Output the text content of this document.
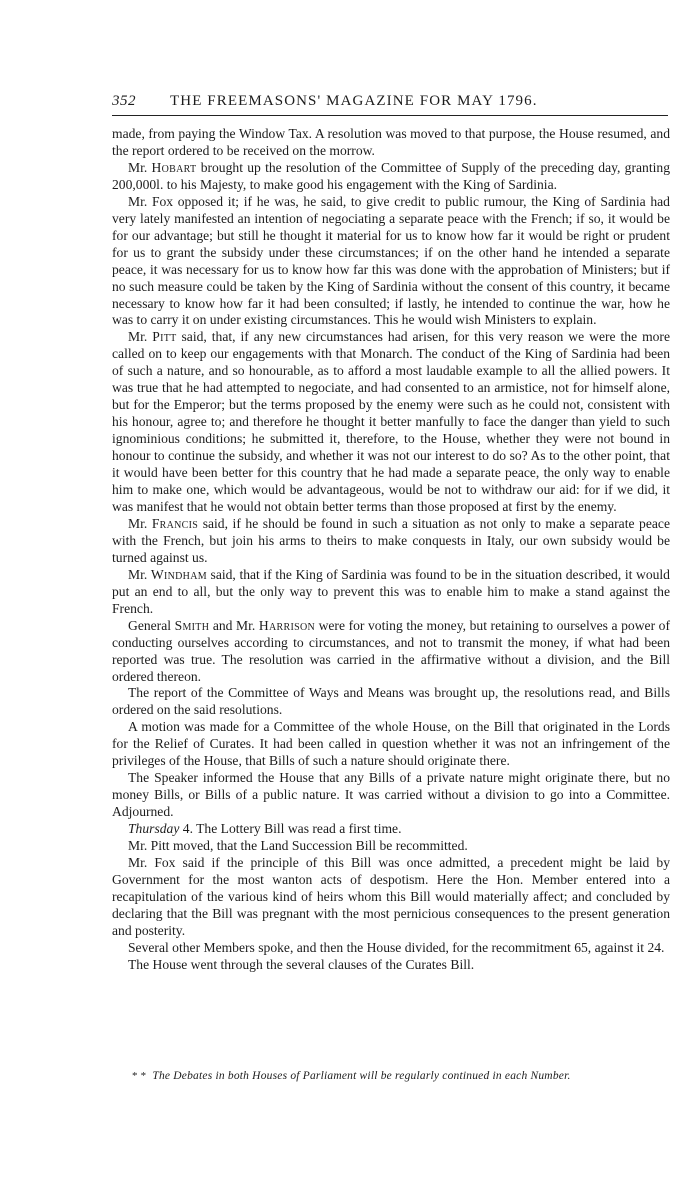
352 THE FREEMASONS' MAGAZINE FOR MAY 1796.

made, from paying the Window Tax. A resolution was moved to that purpose, the House resumed, and the report ordered to be received on the morrow.

Mr. Hobart brought up the resolution of the Committee of Supply of the preceding day, granting 200,000l. to his Majesty, to make good his engagement with the King of Sardinia.

Mr. Fox opposed it; if he was, he said, to give credit to public rumour, the King of Sardinia had very lately manifested an intention of negociating a separate peace with the French; if so, it would be for our advantage; but still he thought it material for us to know how far it would be right or prudent for us to grant the subsidy under these circumstances; if on the other hand he intended a separate peace, it was necessary for us to know how far this was done with the approbation of Ministers; but if no such measure could be taken by the King of Sardinia without the consent of this country, it became necessary to know how far it had been consulted; if lastly, he intended to continue the war, how he was to carry it on under existing circumstances. This he would wish Ministers to explain.

Mr. Pitt said, that, if any new circumstances had arisen, for this very reason we were the more called on to keep our engagements with that Monarch. The conduct of the King of Sardinia had been of such a nature, and so honourable, as to afford a most laudable example to all the allied powers. It was true that he had attempted to negociate, and had consented to an armistice, not for himself alone, but for the Emperor; but the terms proposed by the enemy were such as he could not, consistent with his honour, agree to; and therefore he thought it better manfully to face the danger than yield to such ignominious conditions; he submitted it, therefore, to the House, whether they were not bound in honour to continue the subsidy, and whether it was not our interest to do so? As to the other point, that it would have been better for this country that he had made a separate peace, the only way to enable him to make one, which would be advantageous, would be not to withdraw our aid: for if we did, it was manifest that he would not obtain better terms than those proposed at first by the enemy.

Mr. Francis said, if he should be found in such a situation as not only to make a separate peace with the French, but join his arms to theirs to make conquests in Italy, our own subsidy would be turned against us.

Mr. Windham said, that if the King of Sardinia was found to be in the situation described, it would put an end to all, but the only way to prevent this was to enable him to make a stand against the French.

General Smith and Mr. Harrison were for voting the money, but retaining to ourselves a power of conducting ourselves according to circumstances, and not to transmit the money, if what had been reported was true. The resolution was carried in the affirmative without a division, and the Bill ordered thereon.

The report of the Committee of Ways and Means was brought up, the resolutions read, and Bills ordered on the said resolutions.

A motion was made for a Committee of the whole House, on the Bill that originated in the Lords for the Relief of Curates. It had been called in question whether it was not an infringement of the privileges of the House, that Bills of such a nature should originate there.

The Speaker informed the House that any Bills of a private nature might originate there, but no money Bills, or Bills of a public nature. It was carried without a division to go into a Committee. Adjourned.

Thursday 4. The Lottery Bill was read a first time.

Mr. Pitt moved, that the Land Succession Bill be recommitted.

Mr. Fox said if the principle of this Bill was once admitted, a precedent might be laid by Government for the most wanton acts of despotism. Here the Hon. Member entered into a recapitulation of the various kind of heirs whom this Bill would materially affect; and concluded by declaring that the Bill was pregnant with the most pernicious consequences to the present generation and posterity.

Several other Members spoke, and then the House divided, for the recommitment 65, against it 24.

The House went through the several clauses of the Curates Bill.

* * The Debates in both Houses of Parliament will be regularly continued in each Number.
